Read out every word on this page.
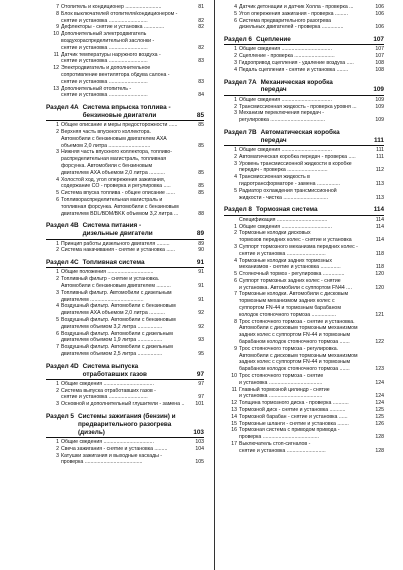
7 Отопитель и кондиционер .........................	81
8 Блок выключателей отопителя/кондиционером -
снятие и установка ...........................	82
9 Дефлекторы - снятие и установка ..............	82
10 Дополнительный электродвигатель
воздухораспределительной заслонки -
снятие и установка ...........................	82
11 Датчик температуры наружного воздуха -
снятие и установка ...........................	83
12 Электродвигатель и дополнительное
сопротивление вентилятора обдува салона -
снятие и установка ...........................	83
13 Дополнительный отопитель -
снятие и установка ...........................	84
Раздел 4А Система впрыска топлива -
бензиновые двигатели	85
1 Общее описание и меры предосторожности ......	85
2 Верхняя часть впускного коллектора.
Автомобили с бензиновым двигателем AXA
объемом 2,0 литра .............................	85
3 Нижняя часть впускного коллектора, топливо-
распределительная магистраль, топливная
форсунка. Автомобили с бензиновым
двигателем AXA объемом 2,0 литра ...........	85
4 Холостой ход, угол опережения зажигания,
содержание CO - проверка и регулировка .....	85
5 Система впуска топлива - общее описание ......	85
6 Топливораспределительная магистраль и
топливная форсунка. Автомобили с бензиновым
двигателем BDL/BDM/BKK объемом 3,2 литра ...	88
Раздел 4В Система питания -
дизельные двигатели	89
1 Принцип работы дизельного двигателя .........	89
2 Система накачивания - снятие и установка ......	90
Раздел 4С Топливная система	91
1 Общие положения ................................	91
2 Топливный фильтр - снятие и установка.
Автомобили с бензиновым двигателем ..........	91
3 Топливный фильтр. Автомобили с дизельным
двигателем .....................................	91
4 Воздушный фильтр. Автомобили с бензиновым
двигателем AXA объемом 2,0 литра ...........	92
5 Воздушный фильтр. Автомобили с бензиновым
двигателем объемом 3,2 литра .................	92
6 Воздушный фильтр. Автомобили с дизельным
двигателем объемом 1,9 литра .................	93
7 Воздушный фильтр. Автомобили с дизельным
двигателем объемом 2,5 литра .................	95
Раздел 4D Система выпуска
отработавших газов	97
1 Общие сведения ...................................	97
2 Система выпуска отработавших газов -
снятие и установка ...........................	97
3 Основной и дополнительный глушители - замена ..	101
Раздел 5 Системы зажигания (бензин) и
предварительного разогрева
(дизель)	103
1 Общие сведения ...................................	103
2 Свеча зажигания - снятие и установка .........	104
3 Катушки зажигания и выходные каскады -
проверка ........................................	105
4 Датчик детонации и датчик Холла - проверка ...	106
5 Угол опережения зажигания - проверка .........	106
6 Система предварительного разогрева
дизельных двигателей - проверка ...............	106
Раздел 6 Сцепление	107
1 Общие сведения ...................................	107
2 Сцепление - проверка ............................	107
3 Гидропривод сцепления - удаление воздуха .....	108
4 Педаль сцепления - снятие и установка ........	108
Раздел 7А Механическая коробка
передач	109
1 Общие сведения ...................................	109
2 Трансмиссионная жидкость - проверка уровня ...	109
3 Механизм переключения передач -
регулировка ......................................	109
Раздел 7В Автоматическая коробка
передач	111
1 Общие сведения ...................................	111
2 Автоматическая коробка передач - проверка .....	111
3 Уровень трансмиссионной жидкости в коробке
передач - проверка ............................	112
4 Трансмиссионная жидкость в
гидротрансформаторе - замена ................	113
5 Радиатор охлаждения трансмиссионной
жидкости - чистка ...............................	113
Раздел 8 Тормозная система	114
Спецификация ...................................	114
1 Общие сведения ...................................	114
2 Тормозные колодки дисковых
тормозов передних колес - снятие и установка	114
3 Суппорт тормозного механизма передних колес -
снятие и установка ...........................	118
4 Тормозные колодки задних тормозных
механизмов - снятие и установка ..............	118
5 Стояночный тормоз - регулировка ...............	120
6 Суппорт тормозных задних колес - снятие
и установка. Автомобили с суппортом FN44 ....	120
7 Тормозные колодки. Автомобили с дисковым
тормозным механизмом задних колес с
суппортом FN-44 и тормозным барабаном
колодок стояночного тормоза .................	121
8 Трос стояночного тормоза - снятие и установка.
Автомобили с дисковым тормозным механизмом
задних колес с суппортом FN-44 и тормозным
барабаном колодок стояночного тормоза .......	122
9 Трос стояночного тормоза - регулировка.
Автомобили с дисковым тормозным механизмом
задних колес с суппортом FN-44 и тормозным
барабаном колодок стояночного тормоза .......	123
10 Трос стояночного тормоза - снятие
и установка .....................................	124
11 Главный тормозной цилиндр - снятие
и установка .....................................	124
12 Толщина тормозного диска - проверка ...........	124
13 Тормозной диск - снятие и установка ...........	125
14 Тормозной барабан - снятие и установка ......	125
15 Тормозные шланги - снятие и установка ........	126
16 Тормозная система с приводом привода -
проверка .......................................	128
17 Выключатель стоп-сигналов -
снятие и установка ...........................	128
